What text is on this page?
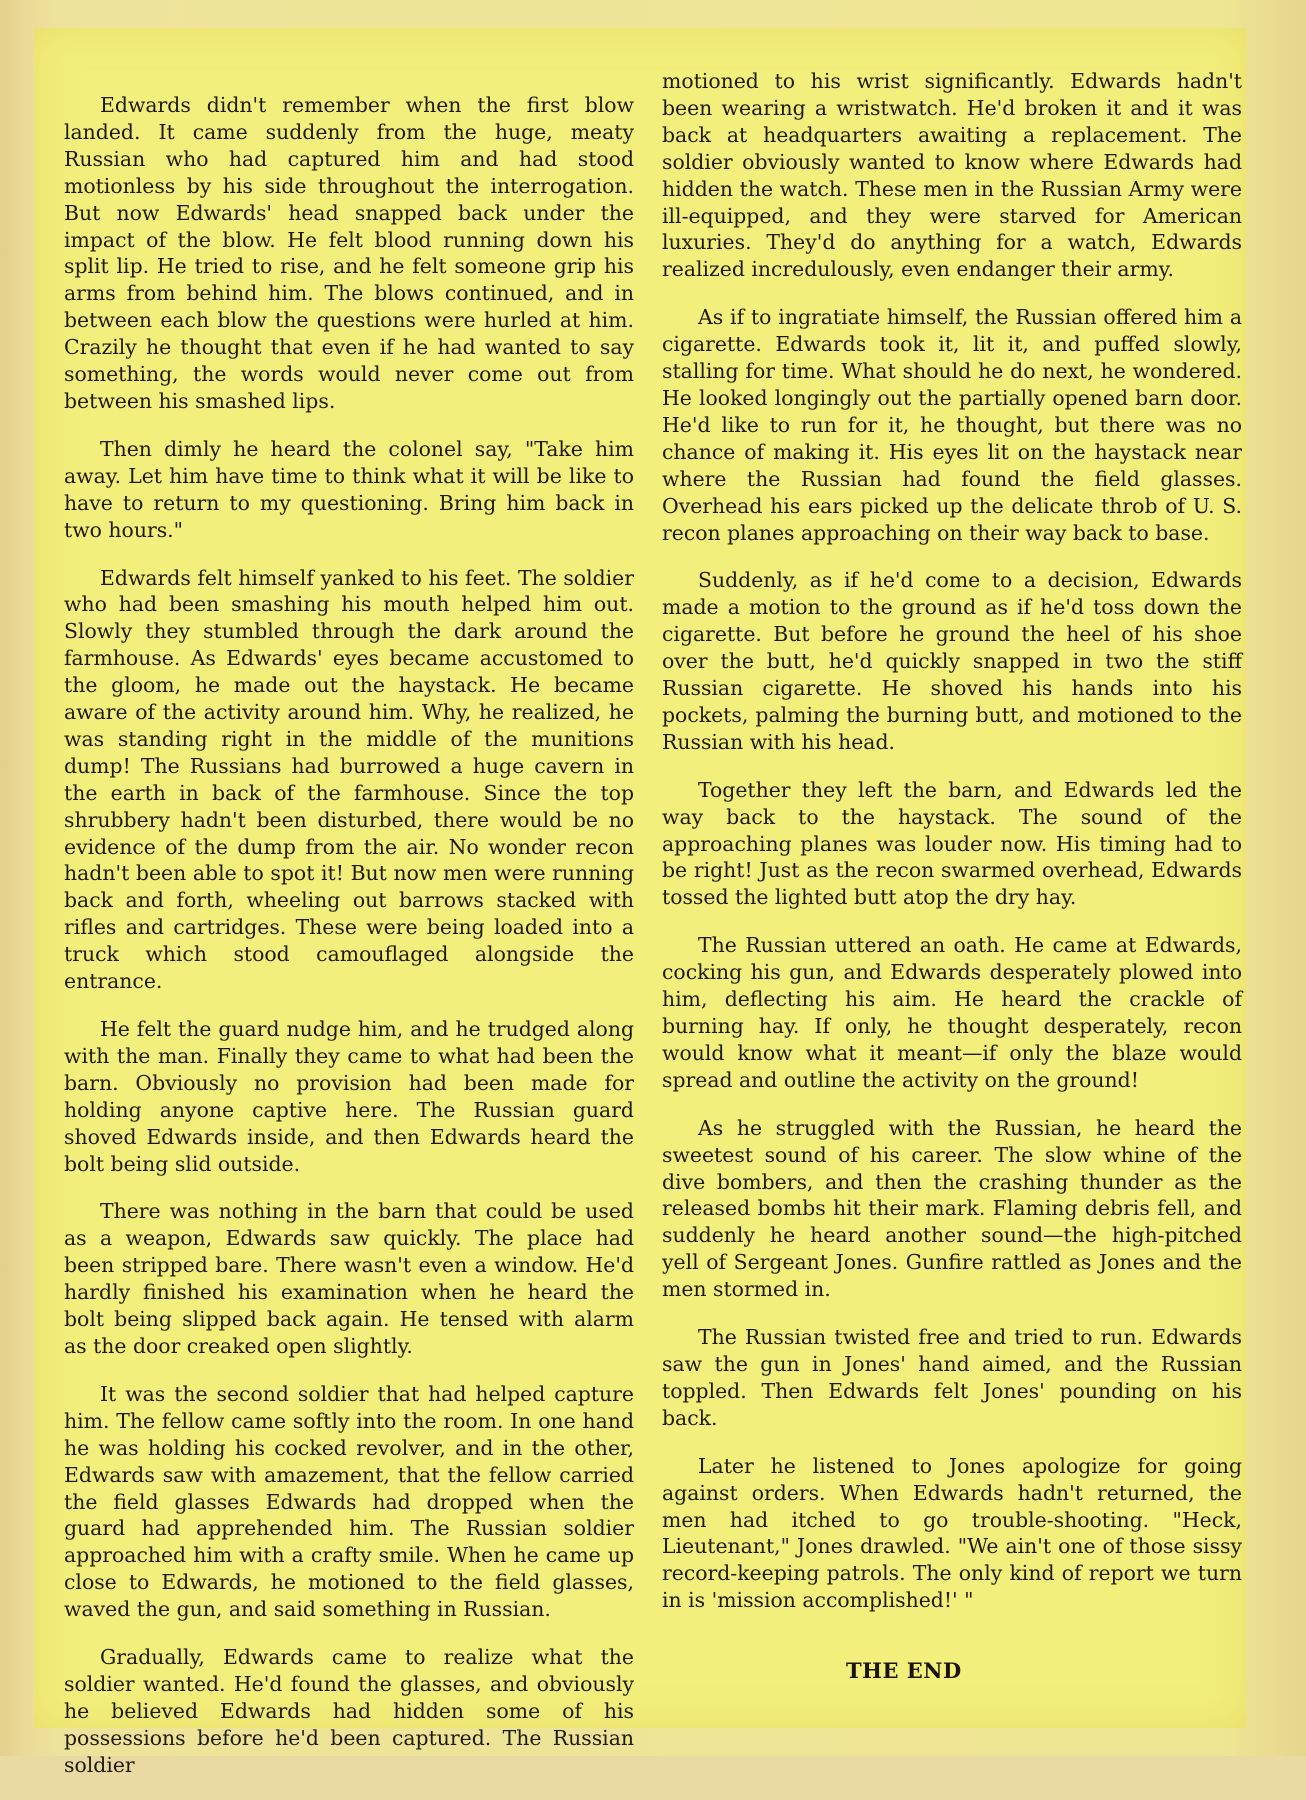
Edwards didn't remember when the first blow landed. It came suddenly from the huge, meaty Russian who had captured him and had stood motionless by his side throughout the interrogation. But now Edwards' head snapped back under the impact of the blow. He felt blood running down his split lip. He tried to rise, and he felt someone grip his arms from behind him. The blows continued, and in between each blow the questions were hurled at him. Crazily he thought that even if he had wanted to say something, the words would never come out from between his smashed lips.

Then dimly he heard the colonel say, "Take him away. Let him have time to think what it will be like to have to return to my questioning. Bring him back in two hours."

Edwards felt himself yanked to his feet. The soldier who had been smashing his mouth helped him out. Slowly they stumbled through the dark around the farmhouse. As Edwards' eyes became accustomed to the gloom, he made out the haystack. He became aware of the activity around him. Why, he realized, he was standing right in the middle of the munitions dump! The Russians had burrowed a huge cavern in the earth in back of the farmhouse. Since the top shrubbery hadn't been disturbed, there would be no evidence of the dump from the air. No wonder recon hadn't been able to spot it! But now men were running back and forth, wheeling out barrows stacked with rifles and cartridges. These were being loaded into a truck which stood camouflaged alongside the entrance.

He felt the guard nudge him, and he trudged along with the man. Finally they came to what had been the barn. Obviously no provision had been made for holding anyone captive here. The Russian guard shoved Edwards inside, and then Edwards heard the bolt being slid outside.

There was nothing in the barn that could be used as a weapon, Edwards saw quickly. The place had been stripped bare. There wasn't even a window. He'd hardly finished his examination when he heard the bolt being slipped back again. He tensed with alarm as the door creaked open slightly.

It was the second soldier that had helped capture him. The fellow came softly into the room. In one hand he was holding his cocked revolver, and in the other, Edwards saw with amazement, that the fellow carried the field glasses Edwards had dropped when the guard had apprehended him. The Russian soldier approached him with a crafty smile. When he came up close to Edwards, he motioned to the field glasses, waved the gun, and said something in Russian.

Gradually, Edwards came to realize what the soldier wanted. He'd found the glasses, and obviously he believed Edwards had hidden some of his possessions before he'd been captured. The Russian soldier

motioned to his wrist significantly. Edwards hadn't been wearing a wristwatch. He'd broken it and it was back at headquarters awaiting a replacement. The soldier obviously wanted to know where Edwards had hidden the watch. These men in the Russian Army were ill-equipped, and they were starved for American luxuries. They'd do anything for a watch, Edwards realized incredulously, even endanger their army.

As if to ingratiate himself, the Russian offered him a cigarette. Edwards took it, lit it, and puffed slowly, stalling for time. What should he do next, he wondered. He looked longingly out the partially opened barn door. He'd like to run for it, he thought, but there was no chance of making it. His eyes lit on the haystack near where the Russian had found the field glasses. Overhead his ears picked up the delicate throb of U. S. recon planes approaching on their way back to base.

Suddenly, as if he'd come to a decision, Edwards made a motion to the ground as if he'd toss down the cigarette. But before he ground the heel of his shoe over the butt, he'd quickly snapped in two the stiff Russian cigarette. He shoved his hands into his pockets, palming the burning butt, and motioned to the Russian with his head.

Together they left the barn, and Edwards led the way back to the haystack. The sound of the approaching planes was louder now. His timing had to be right! Just as the recon swarmed overhead, Edwards tossed the lighted butt atop the dry hay.

The Russian uttered an oath. He came at Edwards, cocking his gun, and Edwards desperately plowed into him, deflecting his aim. He heard the crackle of burning hay. If only, he thought desperately, recon would know what it meant—if only the blaze would spread and outline the activity on the ground!

As he struggled with the Russian, he heard the sweetest sound of his career. The slow whine of the dive bombers, and then the crashing thunder as the released bombs hit their mark. Flaming debris fell, and suddenly he heard another sound—the high-pitched yell of Sergeant Jones. Gunfire rattled as Jones and the men stormed in.

The Russian twisted free and tried to run. Edwards saw the gun in Jones' hand aimed, and the Russian toppled. Then Edwards felt Jones' pounding on his back.

Later he listened to Jones apologize for going against orders. When Edwards hadn't returned, the men had itched to go trouble-shooting. "Heck, Lieutenant," Jones drawled. "We ain't one of those sissy record-keeping patrols. The only kind of report we turn in is 'mission accomplished!' "

THE END
